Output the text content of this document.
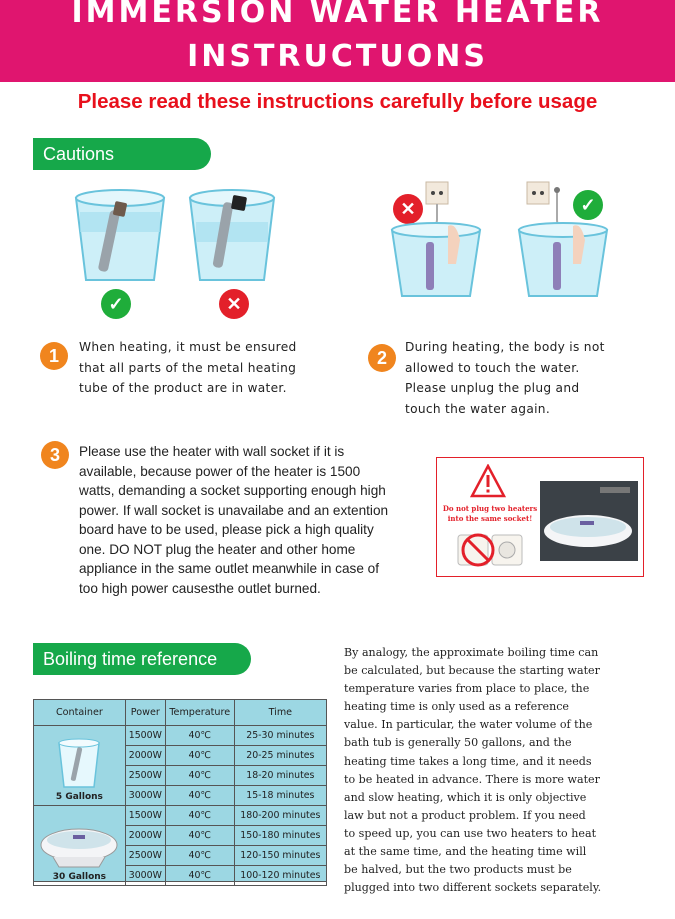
IMMERSION WATER HEATER
INSTRUCTUONS
Please read these instructions carefully before usage
Cautions
✓	✕
✕	✓
1	When heating, it must be ensured
that all parts of the metal heating
tube of the product are in water.
2
During heating, the body is not
allowed to touch the water.
Please unplug the plug and
touch the water again.
3	Please use the heater with wall socket if it is
available, because power of the heater is 1500
watts, demanding a socket supporting enough high
power. If wall socket is unavailabe and an extention
board have to be used, please pick a high quality
one. DO NOT plug the heater and other home
appliance in the same outlet meanwhile in case of
too high power causesthe outlet burned.
Do not plug two heaters into the same socket!
Boiling time reference
Container	Power	Temperature	Time

5 Gallons	1500W	40℃	25-30 minutes
	2000W	40℃	20-25 minutes
	2500W	40℃	18-20 minutes
	3000W	40℃	15-18 minutes

30 Gallons	1500W	40℃	180-200 minutes
	2000W	40℃	150-180 minutes
	2500W	40℃	120-150 minutes
	3000W	40℃	100-120 minutes
By analogy, the approximate boiling time can
be calculated, but because the starting water
temperature varies from place to place, the
heating time is only used as a reference
value. In particular, the water volume of the
bath tub is generally 50 gallons, and the
heating time takes a long time, and it needs
to be heated in advance. There is more water
and slow heating, which it is only objective
law but not a product problem. If you need
to speed up, you can use two heaters to heat
at the same time, and the heating time will
be halved, but the two products must be
plugged into two different sockets separately.
